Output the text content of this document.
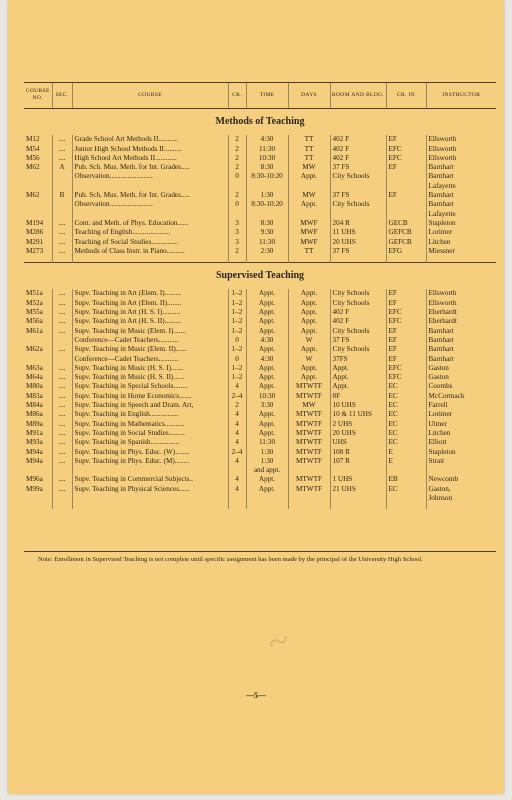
~
COURSE NO.	SEC.	COURSE	CR.	TIME	DAYS	ROOM AND BLDG.	CR. IN	INSTRUCTOR
Methods of Teaching								
M12	....	Grade School Art Methods II...........	2	4:30	TT	402 F	EF	Ellsworth
M54	....	Junior High School Methods II..........	2	11:30	TT	402 F	EFC	Ellsworth
M56	....	High School Art Methods II............	2	10:30	TT	402 F	EFC	Ellsworth
M62	A	Pub. Sch. Mus. Meth. for Int. Grades.....	2	8:30	MW	37 FS	EF	Barnhart
		Observation........................	0	8:30-10:20	Appt.	City Schools		Barnhart
								Lafayette
M62	B	Pub. Sch. Mus. Meth. for Int. Grades.....	2	1:30	MW	37 FS	EF	Barnhart
		Observation........................	0	8:30-10:20	Appt.	City Schools		Barnhart
								Lafayette
M194	....	Cont. and Meth. of Phys. Education......	3	8:30	MWF	204 R	GECB	Stapleton
M286	....	Teaching of English.....................	3	9:30	MWF	11 UHS	GEFCB	Lorimer
M291	....	Teaching of Social Studies...............	3	11:30	MWF	20 UHS	GEFCB	Litchen
M273	....	Methods of Class Instr. in Piano..........	2	2:30	TT	37 FS	EFG	Miessner

Supervised Teaching								
M51a	....	Supv. Teaching in Art (Elem. I).........	1–2	Appt.	Appt.	City Schools	EF	Ellsworth
M52a	....	Supv. Teaching in Art (Elem. II)........	1–2	Appt.	Appt.	City Schools	EF	Ellsworth
M55a	....	Supv. Teaching in Art (H. S. I)..........	1–2	Appt.	Appt.	402 F	EFC	Eberhardt
M56a	....	Supv. Teaching in Art (H. S. II).........	1–2	Appt.	Appt.	402 F	EFC	Eberhardt
M61a	....	Supv. Teaching in Music (Elem. I).......	1–2	Appt.	Appt.	City Schools	EF	Barnhart
		Conference—Cadet Teachers...........	0	4:30	W	37 FS	EF	Barnhart
M62a	....	Supv. Teaching in Music (Elem. II)......	1–2	Appt.	Appt.	City Schools	EF	Barnhart
		Conference—Cadet Teachers...........	0	4:30	W	37FS	EF	Barnhart
M63a	....	Supv. Teaching in Music (H. S. I).......	1–2	Appt.	Appt.	Appt.	EFC	Gaston
M64a	....	Supv. Teaching in Music (H. S. II)......	1–2	Appt.	Appt.	Appt.	EFC	Gaston
M80a	....	Supv. Teaching in Special Schools........	4	Appt.	MTWTF	Appt.	EC	Coombs
M83a	....	Supv. Teaching in Home Economics.......	2–4	10:30	MTWTF	8F	EC	McCormack
M84a	....	Supv. Teaching in Speech and Dram. Art,	2	3:30	MW	10 UHS	EC	Farrell
M86a	....	Supv. Teaching in English................	4	Appt.	MTWTF	10 & 11 UHS	EC	Lorimer
M89a	....	Supv. Teaching in Mathematics...........	4	Appt.	MTWTF	2 UHS	EC	Ulmer
M91a	....	Supv. Teaching in Social Studies.........	4	Appt.	MTWTF	20 UHS	EC	Litchen
M93a	....	Supv. Teaching in Spanish................	4	11:30	MTWTF	UHS	EC	Elliott
M94a	....	Supv. Teaching in Phys. Educ. (W)........	2–4	1:30	MTWTF	108 R	E	Stapleton
M94a	....	Supv. Teaching in Phys. Educ. (M)........	4	1:30	MTWTF	107 R	E	Strait
				and appt.				
M96a	....	Supv. Teaching in Commercial Subjects..	4	Appt.	MTWTF	1 UHS	EB	Newcomb
M99a	....	Supv. Teaching in Physical Sciences......	4	Appt.	MTWTF	21 UHS	EC	Gaston,
								Johnson

Note: Enrollment in Supervised Teaching is not complete until specific assignment has been made by the principal of the University High School.
—5—
